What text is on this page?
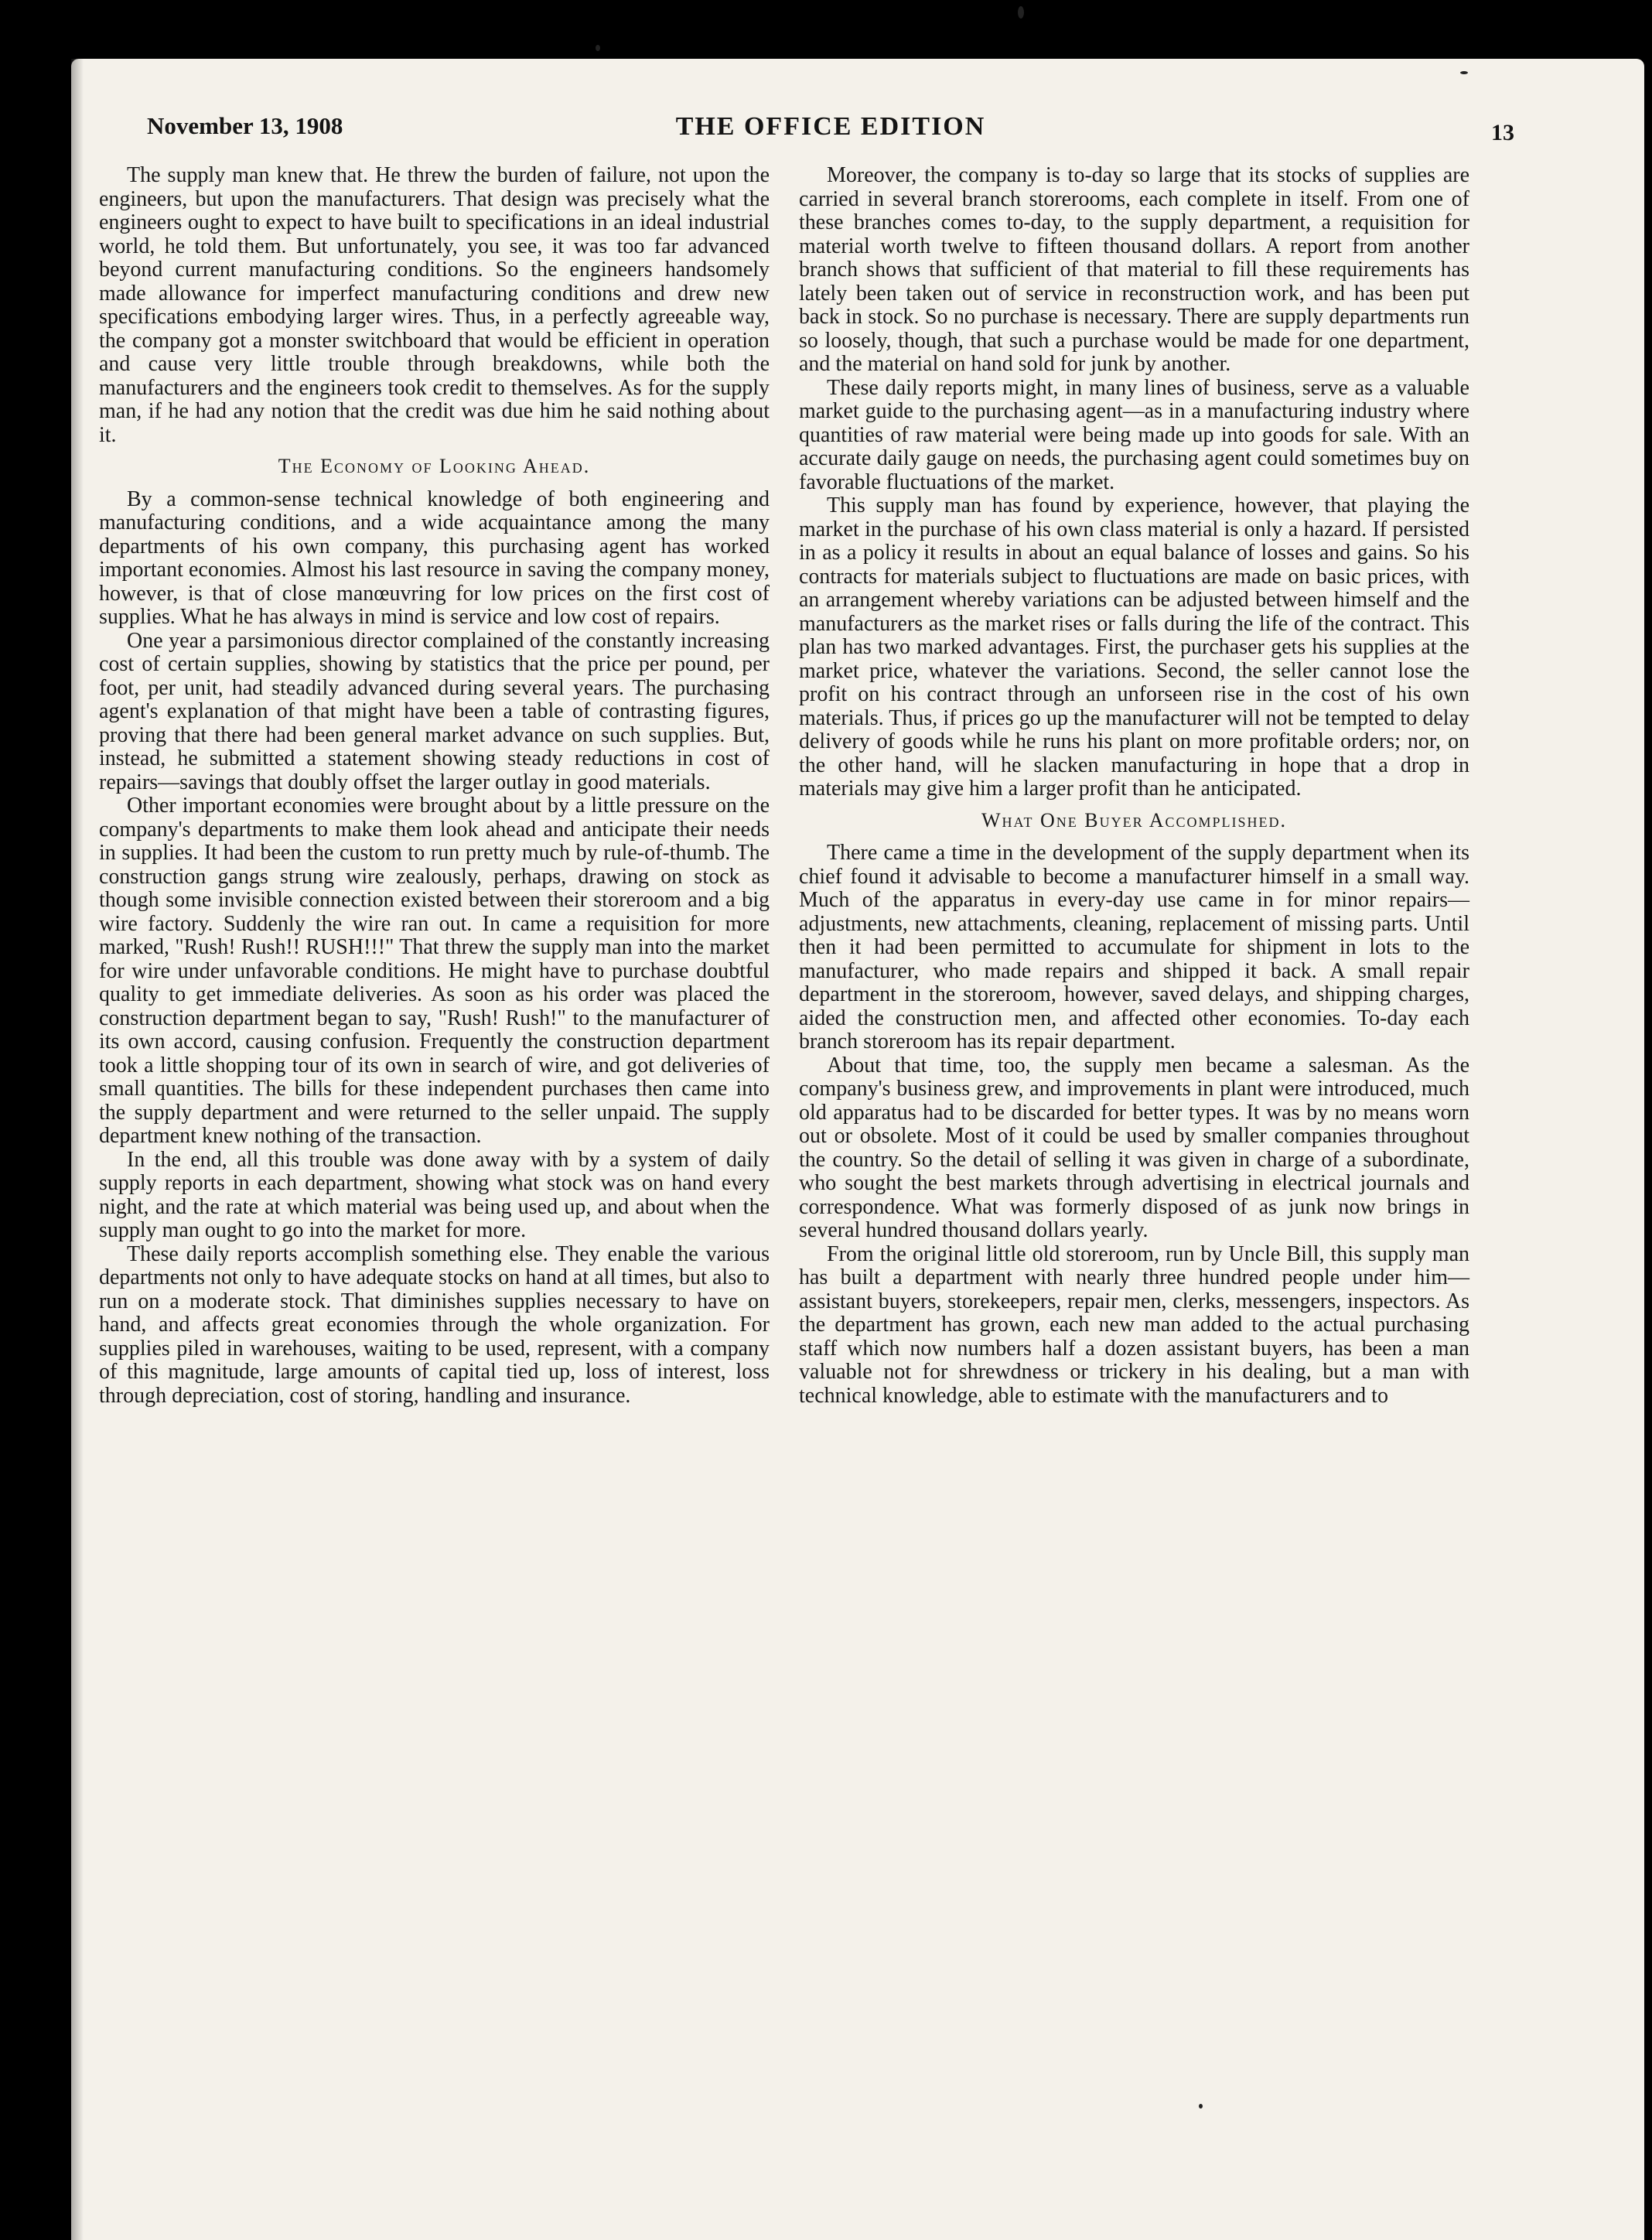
November 13, 1908	THE OFFICE EDITION	13

The supply man knew that. He threw the burden of failure, not upon the engineers, but upon the manufacturers. That design was precisely what the engineers ought to expect to have built to specifications in an ideal industrial world, he told them. But unfortunately, you see, it was too far advanced beyond current manufacturing conditions. So the engineers handsomely made allowance for imperfect manufacturing conditions and drew new specifications embodying larger wires. Thus, in a perfectly agreeable way, the company got a monster switchboard that would be efficient in operation and cause very little trouble through breakdowns, while both the manufacturers and the engineers took credit to themselves. As for the supply man, if he had any notion that the credit was due him he said nothing about it.

The Economy of Looking Ahead.

By a common-sense technical knowledge of both engineering and manufacturing conditions, and a wide acquaintance among the many departments of his own company, this purchasing agent has worked important economies. Almost his last resource in saving the company money, however, is that of close manœuvring for low prices on the first cost of supplies. What he has always in mind is service and low cost of repairs.

One year a parsimonious director complained of the constantly increasing cost of certain supplies, showing by statistics that the price per pound, per foot, per unit, had steadily advanced during several years. The purchasing agent's explanation of that might have been a table of contrasting figures, proving that there had been general market advance on such supplies. But, instead, he submitted a statement showing steady reductions in cost of repairs—savings that doubly offset the larger outlay in good materials.

Other important economies were brought about by a little pressure on the company's departments to make them look ahead and anticipate their needs in supplies. It had been the custom to run pretty much by rule-of-thumb. The construction gangs strung wire zealously, perhaps, drawing on stock as though some invisible connection existed between their storeroom and a big wire factory. Suddenly the wire ran out. In came a requisition for more marked, "Rush! Rush!! RUSH!!!" That threw the supply man into the market for wire under unfavorable conditions. He might have to purchase doubtful quality to get immediate deliveries. As soon as his order was placed the construction department began to say, "Rush! Rush!" to the manufacturer of its own accord, causing confusion. Frequently the construction department took a little shopping tour of its own in search of wire, and got deliveries of small quantities. The bills for these independent purchases then came into the supply department and were returned to the seller unpaid. The supply department knew nothing of the transaction.

In the end, all this trouble was done away with by a system of daily supply reports in each department, showing what stock was on hand every night, and the rate at which material was being used up, and about when the supply man ought to go into the market for more.

These daily reports accomplish something else. They enable the various departments not only to have adequate stocks on hand at all times, but also to run on a moderate stock. That diminishes supplies necessary to have on hand, and affects great economies through the whole organization. For supplies piled in warehouses, waiting to be used, represent, with a company of this magnitude, large amounts of capital tied up, loss of interest, loss through depreciation, cost of storing, handling and insurance.

Moreover, the company is to-day so large that its stocks of supplies are carried in several branch storerooms, each complete in itself. From one of these branches comes to-day, to the supply department, a requisition for material worth twelve to fifteen thousand dollars. A report from another branch shows that sufficient of that material to fill these requirements has lately been taken out of service in reconstruction work, and has been put back in stock. So no purchase is necessary. There are supply departments run so loosely, though, that such a purchase would be made for one department, and the material on hand sold for junk by another.

These daily reports might, in many lines of business, serve as a valuable market guide to the purchasing agent—as in a manufacturing industry where quantities of raw material were being made up into goods for sale. With an accurate daily gauge on needs, the purchasing agent could sometimes buy on favorable fluctuations of the market.

This supply man has found by experience, however, that playing the market in the purchase of his own class material is only a hazard. If persisted in as a policy it results in about an equal balance of losses and gains. So his contracts for materials subject to fluctuations are made on basic prices, with an arrangement whereby variations can be adjusted between himself and the manufacturers as the market rises or falls during the life of the contract. This plan has two marked advantages. First, the purchaser gets his supplies at the market price, whatever the variations. Second, the seller cannot lose the profit on his contract through an unforseen rise in the cost of his own materials. Thus, if prices go up the manufacturer will not be tempted to delay delivery of goods while he runs his plant on more profitable orders; nor, on the other hand, will he slacken manufacturing in hope that a drop in materials may give him a larger profit than he anticipated.

What One Buyer Accomplished.

There came a time in the development of the supply department when its chief found it advisable to become a manufacturer himself in a small way. Much of the apparatus in every-day use came in for minor repairs—adjustments, new attachments, cleaning, replacement of missing parts. Until then it had been permitted to accumulate for shipment in lots to the manufacturer, who made repairs and shipped it back. A small repair department in the storeroom, however, saved delays, and shipping charges, aided the construction men, and affected other economies. To-day each branch storeroom has its repair department.

About that time, too, the supply men became a salesman. As the company's business grew, and improvements in plant were introduced, much old apparatus had to be discarded for better types. It was by no means worn out or obsolete. Most of it could be used by smaller companies throughout the country. So the detail of selling it was given in charge of a subordinate, who sought the best markets through advertising in electrical journals and correspondence. What was formerly disposed of as junk now brings in several hundred thousand dollars yearly.

From the original little old storeroom, run by Uncle Bill, this supply man has built a department with nearly three hundred people under him—assistant buyers, storekeepers, repair men, clerks, messengers, inspectors. As the department has grown, each new man added to the actual purchasing staff which now numbers half a dozen assistant buyers, has been a man valuable not for shrewdness or trickery in his dealing, but a man with technical knowledge, able to estimate with the manufacturers and to
